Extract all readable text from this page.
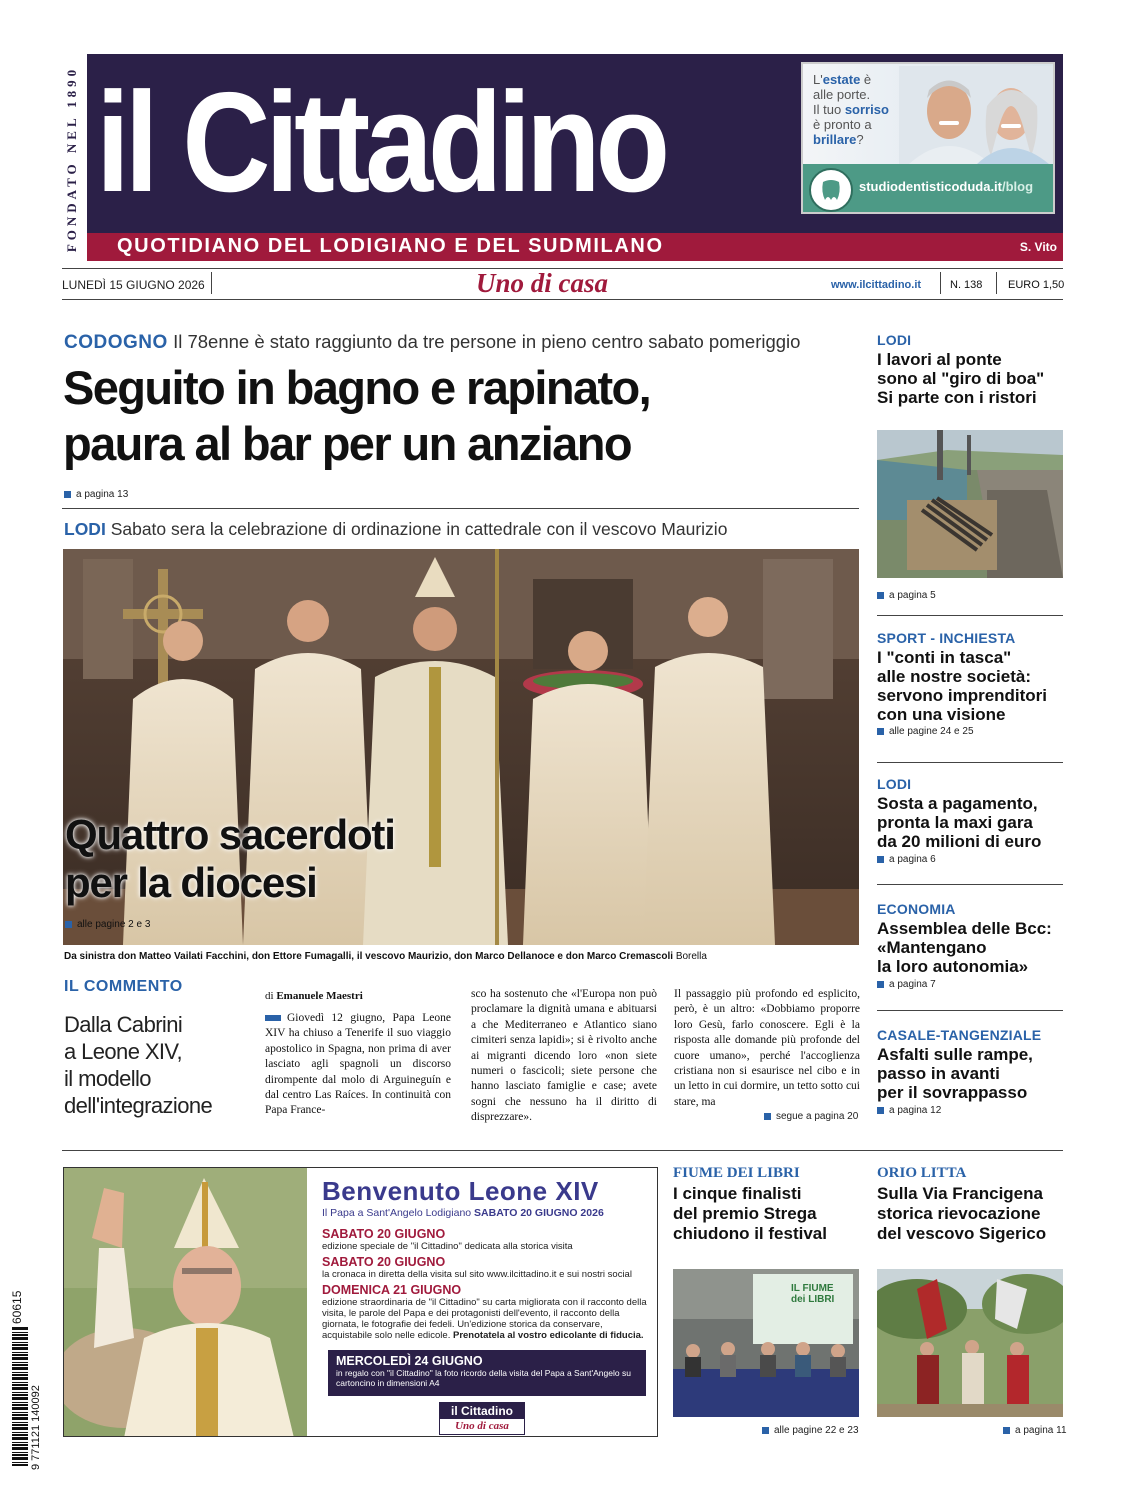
FONDATO NEL 1890 il Cittadino	L'estate è
alle porte.
Il tuo sorriso
è pronto a
brillare?
studiodentisticoduda.it/blog
QUOTIDIANO DEL LODIGIANO E DEL SUDMILANO	S. Vito
LUNEDÌ 15 GIUGNO 2026	Uno di casa	www.ilcittadino.it	N. 138 EURO 1,50
CODOGNO Il 78enne è stato raggiunto da tre persone in pieno centro sabato pomeriggio
Seguito in bagno e rapinato,
paura al bar per un anziano
a pagina 13
LODI Sabato sera la celebrazione di ordinazione in cattedrale con il vescovo Maurizio
Quattro sacerdoti
per la diocesi
alle pagine 2 e 3
Da sinistra don Matteo Vailati Facchini, don Ettore Fumagalli, il vescovo Maurizio, don Marco Dellanoce e don Marco Cremascoli Borella
IL COMMENTO
Dalla Cabrini
a Leone XIV,
il modello
dell'integrazione
di Emanuele Maestri
Giovedì 12 giugno, Papa Leone XIV ha chiuso a Tenerife il suo viaggio apostolico in Spagna, non prima di aver lasciato agli spagnoli un discorso dirompente dal molo di Arguineguín e dal centro Las Raíces. In continuità con Papa France-
sco ha sostenuto che «l'Europa non può proclamare la dignità umana e abituarsi a che Mediterraneo e Atlantico siano cimiteri senza lapidi»; si è rivolto anche ai migranti dicendo loro «non siete numeri o fascicoli; siete persone che hanno lasciato famiglie e case; avete sogni che nessuno ha il diritto di disprezzare».
Il passaggio più profondo ed esplicito, però, è un altro: «Dobbiamo proporre loro Gesù, farlo conoscere. Egli è la risposta alle domande più profonde del cuore umano», perché l'accoglienza cristiana non si esaurisce nel cibo e in un letto in cui dormire, un tetto sotto cui stare, ma
segue a pagina 20
LODI
I lavori al ponte
sono al "giro di boa"
Si parte con i ristori
a pagina 5
SPORT - INCHIESTA
I "conti in tasca"
alle nostre società:
servono imprenditori
con una visione
alle pagine 24 e 25
LODI
Sosta a pagamento,
pronta la maxi gara
da 20 milioni di euro
a pagina 6
ECONOMIA
Assemblea delle Bcc:
«Mantengano
la loro autonomia»
a pagina 7
CASALE-TANGENZIALE
Asfalti sulle rampe,
passo in avanti
per il sovrappasso
a pagina 12
60615
9 771121 140092
Benvenuto Leone XIV
Il Papa a Sant'Angelo Lodigiano SABATO 20 GIUGNO 2026
SABATO 20 GIUGNO
edizione speciale de "il Cittadino" dedicata alla storica visita
SABATO 20 GIUGNO
la cronaca in diretta della visita sul sito www.ilcittadino.it e sui nostri social
DOMENICA 21 GIUGNO
edizione straordinaria de "il Cittadino" su carta migliorata con il racconto della visita, le parole del Papa e dei protagonisti dell'evento, il racconto della giornata, le fotografie dei fedeli. Un'edizione storica da conservare, acquistabile solo nelle edicole. Prenotatela al vostro edicolante di fiducia.
MERCOLEDÌ 24 GIUGNO
in regalo con "il Cittadino" la foto ricordo della visita del Papa a Sant'Angelo su cartoncino in dimensioni A4
il Cittadino
Uno di casa
FIUME DEI LIBRI
I cinque finalisti
del premio Strega
chiudono il festival
IL FIUME dei LIBRI
alle pagine 22 e 23
ORIO LITTA
Sulla Via Francigena
storica rievocazione
del vescovo Sigerico
a pagina 11
